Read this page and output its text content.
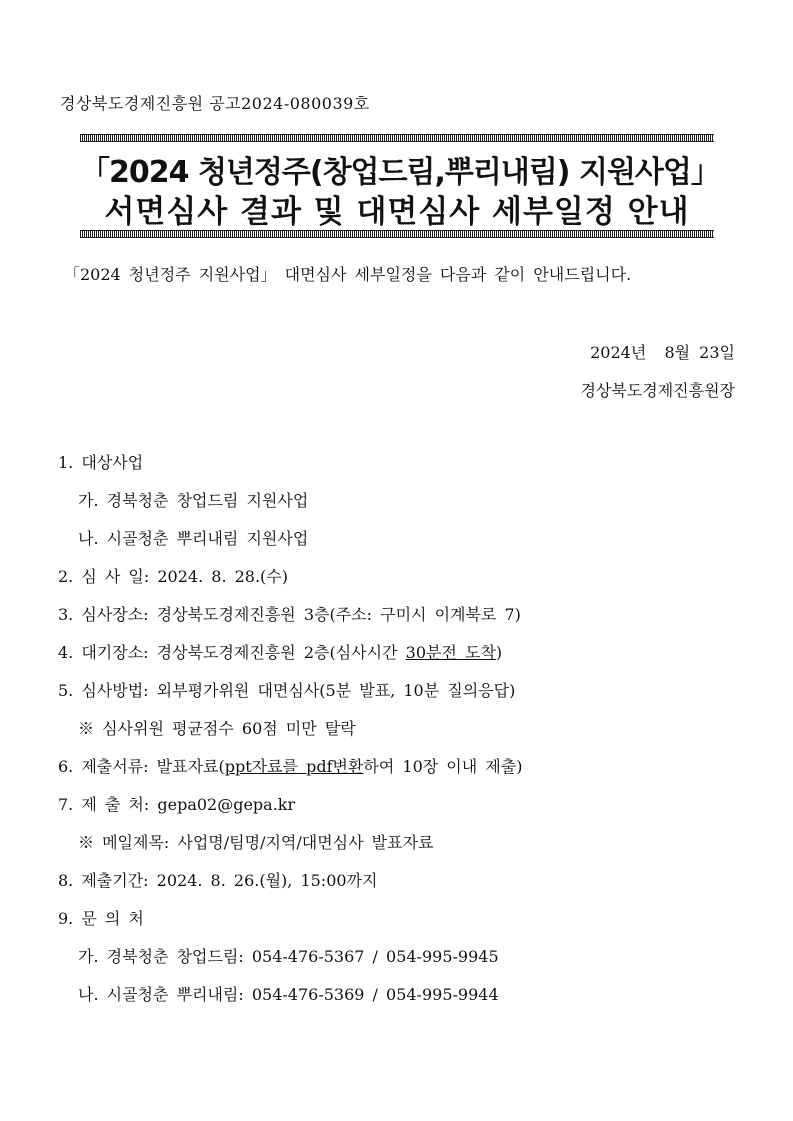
경상북도경제진흥원 공고2024-080039호
「2024 청년정주(창업드림,뿌리내림) 지원사업」
서면심사 결과 및 대면심사 세부일정 안내
「2024 청년정주 지원사업」 대면심사 세부일정을 다음과 같이 안내드립니다.
2024년  8월 23일
경상북도경제진흥원장
1. 대상사업
가. 경북청춘 창업드림 지원사업
나. 시골청춘 뿌리내림 지원사업
2. 심 사 일: 2024. 8. 28.(수)
3. 심사장소: 경상북도경제진흥원 3층(주소: 구미시 이계북로 7)
4. 대기장소: 경상북도경제진흥원 2층(심사시간 30분전 도착)
5. 심사방법: 외부평가위원 대면심사(5분 발표, 10분 질의응답)
※ 심사위원 평균점수 60점 미만 탈락
6. 제출서류: 발표자료(ppt자료를 pdf변환하여 10장 이내 제출)
7. 제 출 처: gepa02@gepa.kr
※ 메일제목: 사업명/팀명/지역/대면심사 발표자료
8. 제출기간: 2024. 8. 26.(월), 15:00까지
9. 문 의 처
가. 경북청춘 창업드림: 054-476-5367 / 054-995-9945
나. 시골청춘 뿌리내림: 054-476-5369 / 054-995-9944
